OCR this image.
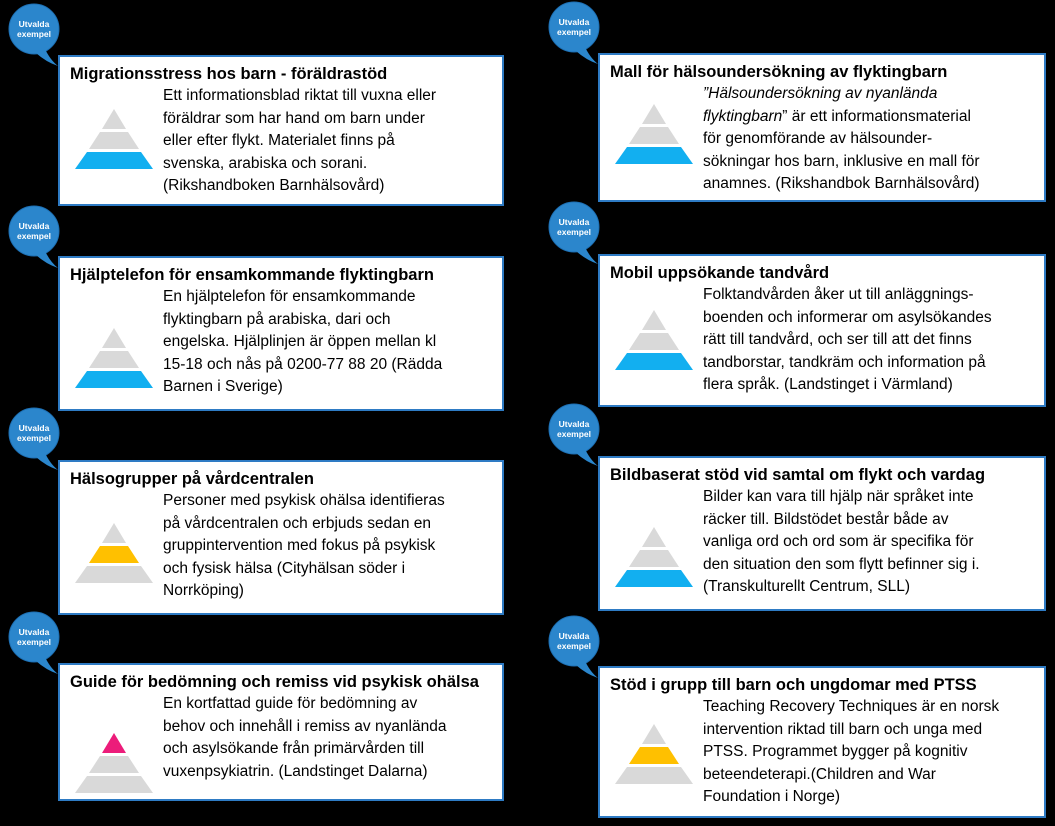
Migrationsstress hos barn - föräldrastöd
Ett informationsblad riktat till vuxna eller
föräldrar som har hand om barn under
eller efter flykt. Materialet finns på
svenska, arabiska och sorani.
(Rikshandboken Barnhälsovård)
Mall för hälsoundersökning av flyktingbarn
”Hälsoundersökning av nyanlända
flyktingbarn” är ett informationsmaterial
för genomförande av hälsounder-
sökningar hos barn, inklusive en mall för
anamnes. (Rikshandbok Barnhälsovård)
Hjälptelefon för ensamkommande flyktingbarn
En hjälptelefon för ensamkommande
flyktingbarn på arabiska, dari och
engelska. Hjälplinjen är öppen mellan kl
15-18 och nås på 0200-77 88 20 (Rädda
Barnen i Sverige)
Mobil uppsökande tandvård
Folktandvården åker ut till anläggnings-
boenden och informerar om asylsökandes
rätt till tandvård, och ser till att det finns
tandborstar, tandkräm och information på
flera språk. (Landstinget i Värmland)
Hälsogrupper på vårdcentralen
Personer med psykisk ohälsa identifieras
på vårdcentralen och erbjuds sedan en
gruppintervention med fokus på psykisk
och fysisk hälsa (Cityhälsan söder i
Norrköping)
Bildbaserat stöd vid samtal om flykt och vardag
Bilder kan vara till hjälp när språket inte
räcker till. Bildstödet består både av
vanliga ord och ord som är specifika för
den situation den som flytt befinner sig i.
(Transkulturellt Centrum, SLL)
Guide för bedömning och remiss vid psykisk ohälsa
En kortfattad guide för bedömning av
behov och innehåll i remiss av nyanlända
och asylsökande från primärvården till
vuxenpsykiatrin. (Landstinget Dalarna)
Stöd i grupp till barn och ungdomar med PTSS
Teaching Recovery Techniques är en norsk
intervention riktad till barn och unga med
PTSS. Programmet bygger på kognitiv
beteendeterapi.(Children and War
Foundation i Norge)
Utvalda
exempel
Utvalda
exempel
Utvalda
exempel
Utvalda
exempel
Utvalda
exempel
Utvalda
exempel
Utvalda
exempel
Utvalda
exempel
